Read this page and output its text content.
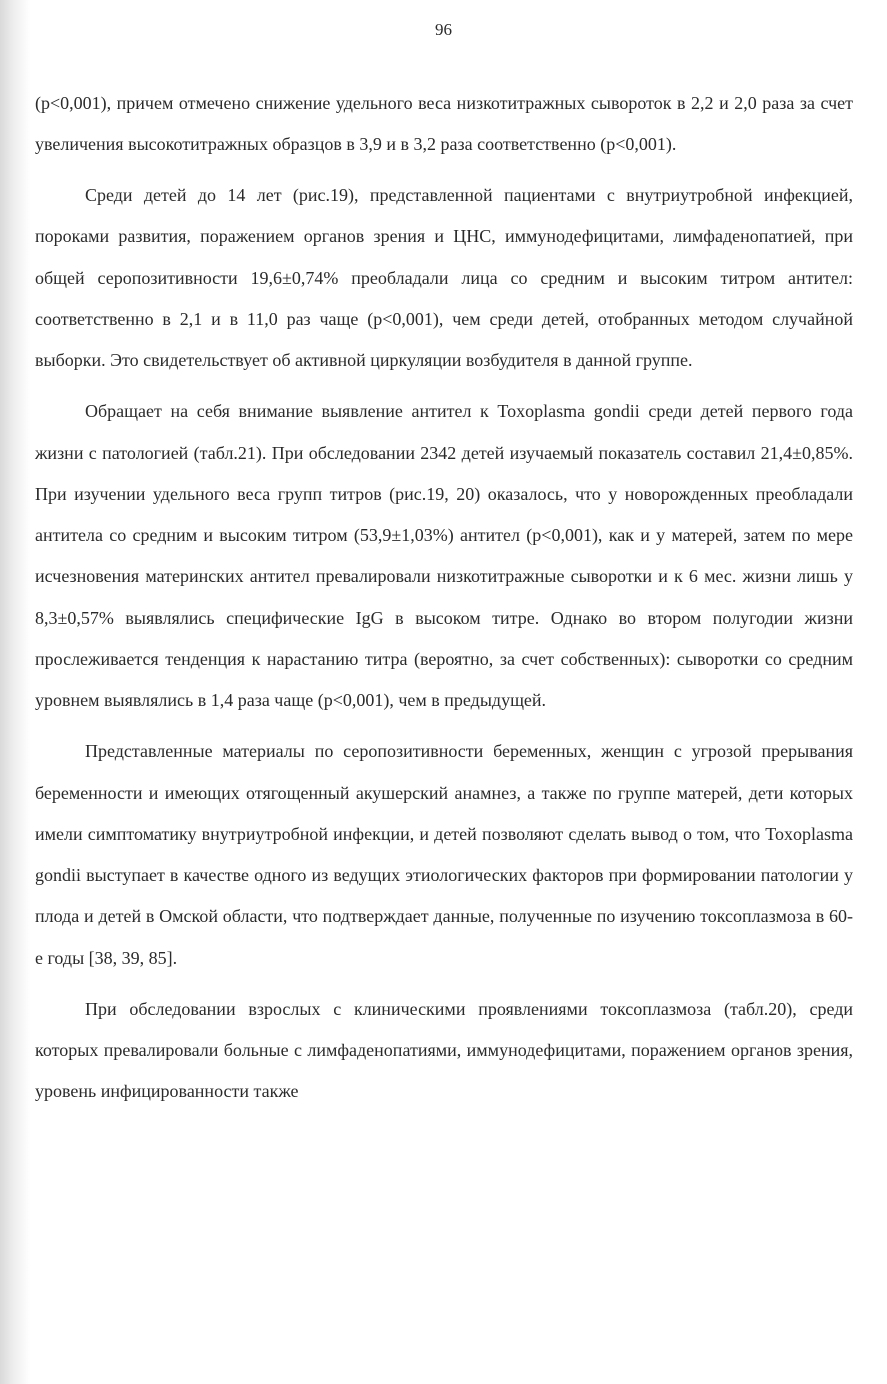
96

(p<0,001), причем отмечено снижение удельного веса низкотитражных сывороток в 2,2 и 2,0 раза за счет увеличения высокотитражных образцов в 3,9 и в 3,2 раза соответственно (p<0,001).

Среди детей до 14 лет (рис.19), представленной пациентами с внутриутробной инфекцией, пороками развития, поражением органов зрения и ЦНС, иммунодефицитами, лимфаденопатией, при общей серопозитивности 19,6±0,74% преобладали лица со средним и высоким титром антител: соответственно в 2,1 и в 11,0 раз чаще (p<0,001), чем среди детей, отобранных методом случайной выборки. Это свидетельствует об активной циркуляции возбудителя в данной группе.

Обращает на себя внимание выявление антител к Toxoplasma gondii среди детей первого года жизни с патологией (табл.21). При обследовании 2342 детей изучаемый показатель составил 21,4±0,85%. При изучении удельного веса групп титров (рис.19, 20) оказалось, что у новорожденных преобладали антитела со средним и высоким титром (53,9±1,03%) антител (p<0,001), как и у матерей, затем по мере исчезновения материнских антител превалировали низкотитражные сыворотки и к 6 мес. жизни лишь у 8,3±0,57% выявлялись специфические IgG в высоком титре. Однако во втором полугодии жизни прослеживается тенденция к нарастанию титра (вероятно, за счет собственных): сыворотки со средним уровнем выявлялись в 1,4 раза чаще (p<0,001), чем в предыдущей.

Представленные материалы по серопозитивности беременных, женщин с угрозой прерывания беременности и имеющих отягощенный акушерский анамнез, а также по группе матерей, дети которых имели симптоматику внутриутробной инфекции, и детей позволяют сделать вывод о том, что Toxoplasma gondii выступает в качестве одного из ведущих этиологических факторов при формировании патологии у плода и детей в Омской области, что подтверждает данные, полученные по изучению токсоплазмоза в 60-е годы [38, 39, 85].

При обследовании взрослых с клиническими проявлениями токсоплазмоза (табл.20), среди которых превалировали больные с лимфаденопатиями, иммунодефицитами, поражением органов зрения, уровень инфицированности также
